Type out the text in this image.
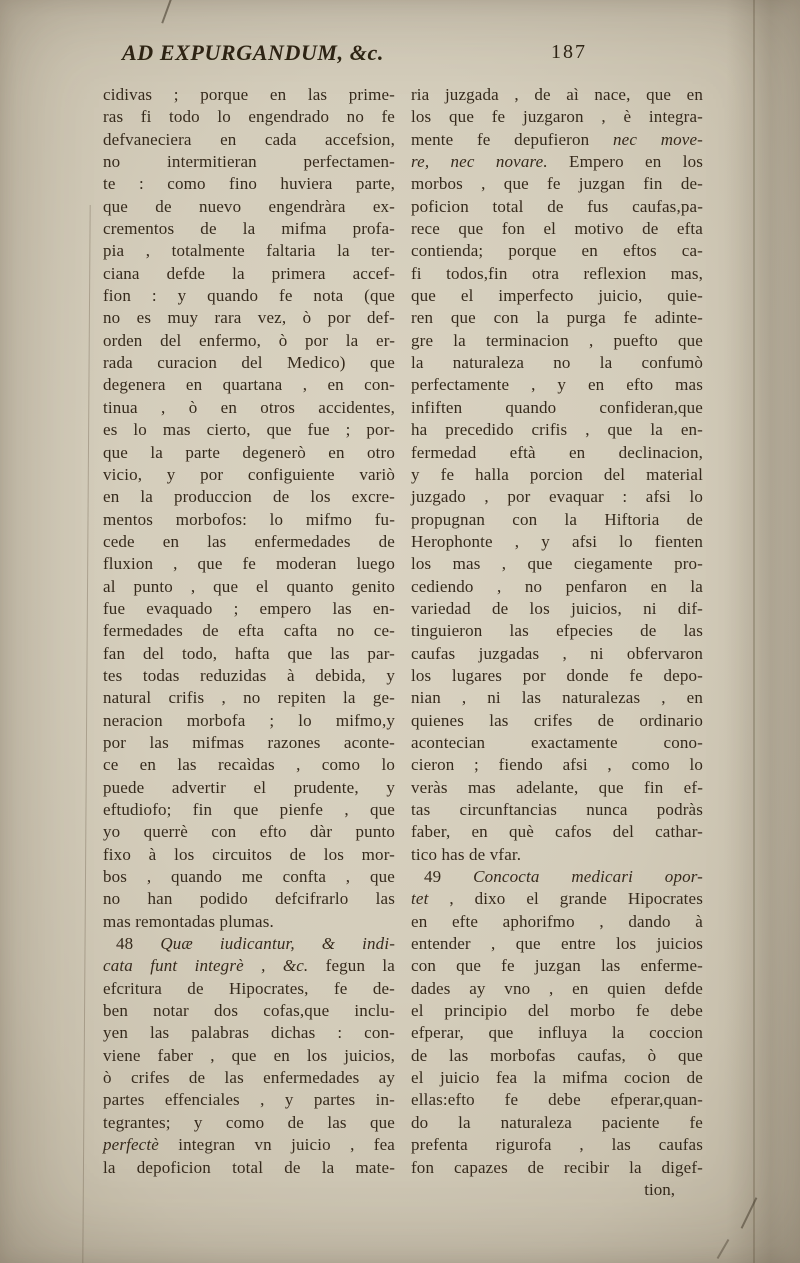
AD EXPURGANDUM, &c.	187
cidivas ; porque en las prime-
ras fi todo lo engendrado no fe
defvaneciera en cada accefsion,
no intermitieran perfectamen-
te : como fino huviera parte,
que de nuevo engendràra ex-
crementos de la mifma profa-
pia , totalmente faltaria la ter-
ciana defde la primera accef-
fion : y quando fe nota (que
no es muy rara vez, ò por def-
orden del enfermo, ò por la er-
rada curacion del Medico) que
degenera en quartana , en con-
tinua , ò en otros accidentes,
es lo mas cierto, que fue ; por-
que la parte degenerò en otro
vicio, y por configuiente variò
en la produccion de los excre-
mentos morbofos: lo mifmo fu-
cede en las enfermedades de
fluxion , que fe moderan luego
al punto , que el quanto genito
fue evaquado ; empero las en-
fermedades de efta cafta no ce-
fan del todo, hafta que las par-
tes todas reduzidas à debida, y
natural crifis , no repiten la ge-
neracion morbofa ; lo mifmo,y
por las mifmas razones aconte-
ce en las recaìdas , como lo
puede advertir el prudente, y
eftudiofo; fin que pienfe , que
yo querrè con efto dàr punto
fixo à los circuitos de los mor-
bos , quando me confta , que
no han podido defcifrarlo las
mas remontadas plumas.
48 Quæ iudicantur, & indi-
cata funt integrè , &c. fegun la
efcritura de Hipocrates, fe de-
ben notar dos cofas,que inclu-
yen las palabras dichas : con-
viene faber , que en los juicios,
ò crifes de las enfermedades ay
partes effenciales , y partes in-
tegrantes; y como de las que
perfectè integran vn juicio , fea
la depoficion total de la mate-
ria juzgada , de aì nace, que en
los que fe juzgaron , è integra-
mente fe depufieron nec move-
re, nec novare. Empero en los
morbos , que fe juzgan fin de-
poficion total de fus caufas,pa-
rece que fon el motivo de efta
contienda; porque en eftos ca-
fi todos,fin otra reflexion mas,
que el imperfecto juicio, quie-
ren que con la purga fe adinte-
gre la terminacion , puefto que
la naturaleza no la confumò
perfectamente , y en efto mas
infiften quando confideran,que
ha precedido crifis , que la en-
fermedad eftà en declinacion,
y fe halla porcion del material
juzgado , por evaquar : afsi lo
propugnan con la Hiftoria de
Herophonte , y afsi lo fienten
los mas , que ciegamente pro-
cediendo , no penfaron en la
variedad de los juicios, ni dif-
tinguieron las efpecies de las
caufas juzgadas , ni obfervaron
los lugares por donde fe depo-
nian , ni las naturalezas , en
quienes las crifes de ordinario
acontecian exactamente cono-
cieron ; fiendo afsi , como lo
veràs mas adelante, que fin ef-
tas circunftancias nunca podràs
faber, en què cafos del cathar-
tico has de vfar.
49 Concocta medicari opor-
tet , dixo el grande Hipocrates
en efte aphorifmo , dando à
entender , que entre los juicios
con que fe juzgan las enferme-
dades ay vno , en quien defde
el principio del morbo fe debe
efperar, que influya la coccion
de las morbofas caufas, ò que
el juicio fea la mifma cocion de
ellas:efto fe debe efperar,quan-
do la naturaleza paciente fe
prefenta rigurofa , las caufas
fon capazes de recibir la digef-
tion,
